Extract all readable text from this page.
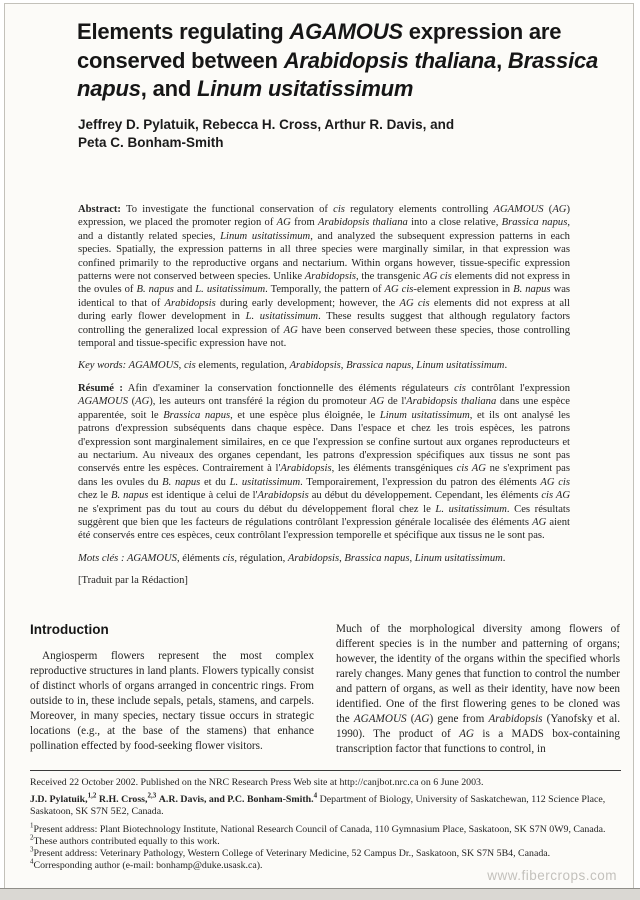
Elements regulating AGAMOUS expression are
conserved between Arabidopsis thaliana, Brassica
napus, and Linum usitatissimum
Jeffrey D. Pylatuik, Rebecca H. Cross, Arthur R. Davis, and
Peta C. Bonham-Smith

Abstract: To investigate the functional conservation of cis regulatory elements controlling AGAMOUS (AG) expression, we placed the promoter region of AG from Arabidopsis thaliana into a close relative, Brassica napus, and a distantly related species, Linum usitatissimum, and analyzed the subsequent expression patterns in each species. Spatially, the expression patterns in all three species were marginally similar, in that expression was confined primarily to the reproductive organs and nectarium. Within organs however, tissue-specific expression patterns were not conserved between species. Unlike Arabidopsis, the transgenic AG cis elements did not express in the ovules of B. napus and L. usitatissimum. Temporally, the pattern of AG cis-element expression in B. napus was identical to that of Arabidopsis during early development; however, the AG cis elements did not express at all during early flower development in L. usitatissimum. These results suggest that although regulatory factors controlling the generalized local expression of AG have been conserved between these species, those controlling temporal and tissue-specific expression have not.

Key words: AGAMOUS, cis elements, regulation, Arabidopsis, Brassica napus, Linum usitatissimum.

Résumé : Afin d'examiner la conservation fonctionnelle des éléments régulateurs cis contrôlant l'expression AGAMOUS (AG), les auteurs ont transféré la région du promoteur AG de l'Arabidopsis thaliana dans une espèce apparentée, soit le Brassica napus, et une espèce plus éloignée, le Linum usitatissimum, et ils ont analysé les patrons d'expression subséquents dans chaque espèce. Dans l'espace et chez les trois espèces, les patrons d'expression sont marginalement similaires, en ce que l'expression se confine surtout aux organes reproducteurs et au nectarium. Au niveaux des organes cependant, les patrons d'expression spécifiques aux tissus ne sont pas conservés entre les espèces. Contrairement à l'Arabidopsis, les éléments transgéniques cis AG ne s'expriment pas dans les ovules du B. napus et du L. usitatissimum. Temporairement, l'expression du patron des éléments AG cis chez le B. napus est identique à celui de l'Arabidopsis au début du développement. Cependant, les éléments cis AG ne s'expriment pas du tout au cours du début du développement floral chez le L. usitatissimum. Ces résultats suggèrent que bien que les facteurs de régulations contrôlant l'expression générale localisée des éléments AG aient été conservés entre ces espèces, ceux contrôlant l'expression temporelle et spécifique aux tissus ne le sont pas.

Mots clés : AGAMOUS, éléments cis, régulation, Arabidopsis, Brassica napus, Linum usitatissimum.

[Traduit par la Rédaction]

Introduction

Angiosperm flowers represent the most complex reproductive structures in land plants. Flowers typically consist of distinct whorls of organs arranged in concentric rings. From outside to in, these include sepals, petals, stamens, and carpels. Moreover, in many species, nectary tissue occurs in strategic locations (e.g., at the base of the stamens) that enhance pollination effected by food-seeking flower visitors.

Much of the morphological diversity among flowers of different species is in the number and patterning of organs; however, the identity of the organs within the specified whorls rarely changes. Many genes that function to control the number and pattern of organs, as well as their identity, have now been identified. One of the first flowering genes to be cloned was the AGAMOUS (AG) gene from Arabidopsis (Yanofsky et al. 1990). The product of AG is a MADS box-containing transcription factor that functions to control, in

Received 22 October 2002. Published on the NRC Research Press Web site at http://canjbot.nrc.ca on 6 June 2003.

J.D. Pylatuik,$^{1,2}$ R.H. Cross,$^{2,3}$ A.R. Davis, and P.C. Bonham-Smith.$^4$ Department of Biology, University of Saskatchewan, 112 Science Place, Saskatoon, SK S7N 5E2, Canada.

$^1$Present address: Plant Biotechnology Institute, National Research Council of Canada, 110 Gymnasium Place, Saskatoon, SK S7N 0W9, Canada.

$^2$These authors contributed equally to this work.

$^3$Present address: Veterinary Pathology, Western College of Veterinary Medicine, 52 Campus Dr., Saskatoon, SK S7N 5B4, Canada.

$^4$Corresponding author (e-mail: bonhamp@duke.usask.ca).

www.fibercrops.com
